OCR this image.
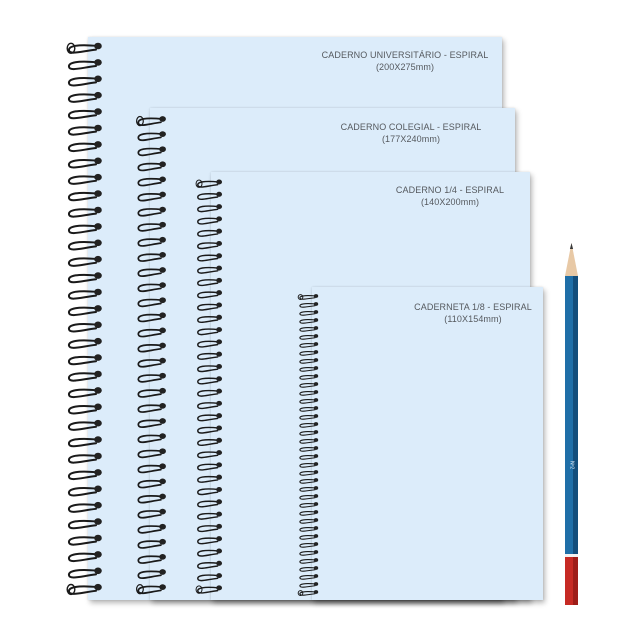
CADERNO UNIVERSITÁRIO - ESPIRAL
(200X275mm)
CADERNO COLEGIAL - ESPIRAL
(177X240mm)
CADERNO 1/4 - ESPIRAL
(140X200mm)
CADERNETA 1/8 - ESPIRAL
(110X154mm)
Nº2
